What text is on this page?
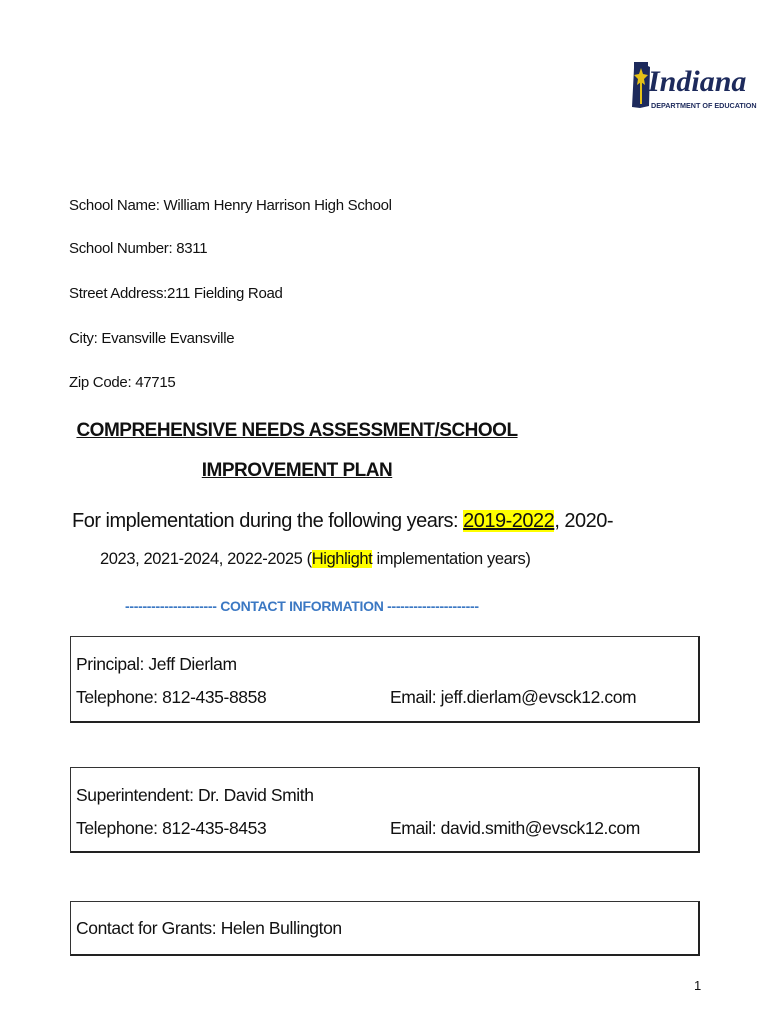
Indiana
DEPARTMENT OF EDUCATION
School Name: William Henry Harrison High School
School Number: 8311
Street Address:211 Fielding Road
City: Evansville Evansville
Zip Code: 47715
COMPREHENSIVE NEEDS ASSESSMENT/SCHOOL
IMPROVEMENT PLAN
For implementation during the following years: 2019-2022, 2020-
2023, 2021-2024, 2022-2025 (Highlight implementation years)
--------------------- CONTACT INFORMATION ---------------------
Principal: Jeff Dierlam
Telephone: 812-435-8858	Email: jeff.dierlam@evsck12.com
Superintendent: Dr. David Smith
Telephone: 812-435-8453	Email: david.smith@evsck12.com
Contact for Grants: Helen Bullington
1
